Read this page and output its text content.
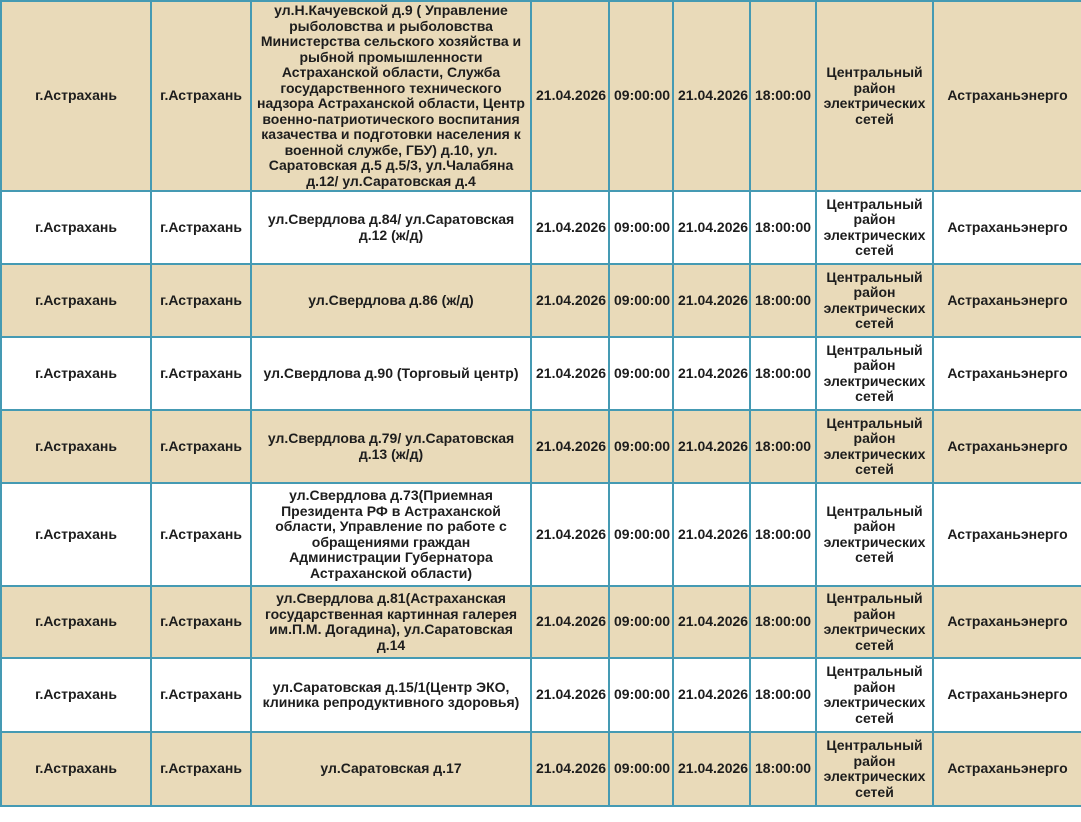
г.Астрахань	г.Астрахань	ул.Н.Качуевской д.9 ( Управление рыболовства и рыболовства Министерства сельского хозяйства и рыбной промышленности Астраханской области, Служба государственного технического надзора Астраханской области, Центр военно-патриотического воспитания казачества и подготовки населения к военной службе, ГБУ) д.10, ул. Саратовская д.5 д.5/3, ул.Чалабяна д.12/ ул.Саратовская д.4	21.04.2026	09:00:00	21.04.2026	18:00:00	Центральный район электрических сетей	Астраханьэнерго
г.Астрахань	г.Астрахань	ул.Свердлова д.84/ ул.Саратовская д.12 (ж/д)	21.04.2026	09:00:00	21.04.2026	18:00:00	Центральный район электрических сетей	Астраханьэнерго
г.Астрахань	г.Астрахань	ул.Свердлова д.86 (ж/д)	21.04.2026	09:00:00	21.04.2026	18:00:00	Центральный район электрических сетей	Астраханьэнерго
г.Астрахань	г.Астрахань	ул.Свердлова д.90 (Торговый центр)	21.04.2026	09:00:00	21.04.2026	18:00:00	Центральный район электрических сетей	Астраханьэнерго
г.Астрахань	г.Астрахань	ул.Свердлова д.79/ ул.Саратовская д.13 (ж/д)	21.04.2026	09:00:00	21.04.2026	18:00:00	Центральный район электрических сетей	Астраханьэнерго
г.Астрахань	г.Астрахань	ул.Свердлова д.73(Приемная Президента РФ в Астраханской области, Управление по работе с обращениями граждан Администрации Губернатора Астраханской области)	21.04.2026	09:00:00	21.04.2026	18:00:00	Центральный район электрических сетей	Астраханьэнерго
г.Астрахань	г.Астрахань	ул.Свердлова д.81(Астраханская государственная картинная галерея им.П.М. Догадина), ул.Саратовская д.14	21.04.2026	09:00:00	21.04.2026	18:00:00	Центральный район электрических сетей	Астраханьэнерго
г.Астрахань	г.Астрахань	ул.Саратовская д.15/1(Центр ЭКО, клиника репродуктивного здоровья)	21.04.2026	09:00:00	21.04.2026	18:00:00	Центральный район электрических сетей	Астраханьэнерго
г.Астрахань	г.Астрахань	ул.Саратовская д.17	21.04.2026	09:00:00	21.04.2026	18:00:00	Центральный район электрических сетей	Астраханьэнерго
